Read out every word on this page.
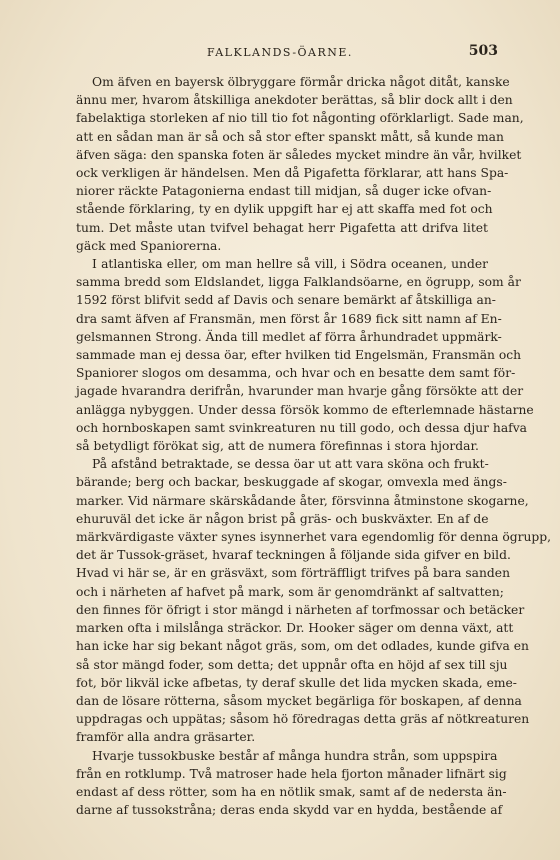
FALKLANDS-ÖARNE.	503
Om äfven en bayersk ölbryggare förmår dricka något ditåt, kanske
ännu mer, hvarom åtskilliga anekdoter berättas, så blir dock allt i den
fabelaktiga storleken af nio till tio fot någonting oförklarligt. Sade man,
att en sådan man är så och så stor efter spanskt mått, så kunde man
äfven säga: den spanska foten är således mycket mindre än vår, hvilket
ock verkligen är händelsen. Men då Pigafetta förklarar, att hans Spa-
niorer räckte Patagonierna endast till midjan, så duger icke ofvan-
stående förklaring, ty en dylik uppgift har ej att skaffa med fot och
tum. Det måste utan tvifvel behagat herr Pigafetta att drifva litet
gäck med Spaniorerna.
I atlantiska eller, om man hellre så vill, i Södra oceanen, under
samma bredd som Eldslandet, ligga Falklandsöarne, en ögrupp, som år
1592 först blifvit sedd af Davis och senare bemärkt af åtskilliga an-
dra samt äfven af Fransmän, men först år 1689 fick sitt namn af En-
gelsmannen Strong. Ända till medlet af förra århundradet uppmärk-
sammade man ej dessa öar, efter hvilken tid Engelsmän, Fransmän och
Spaniorer slogos om desamma, och hvar och en besatte dem samt för-
jagade hvarandra derifrån, hvarunder man hvarje gång försökte att der
anlägga nybyggen. Under dessa försök kommo de efterlemnade hästarne
och hornboskapen samt svinkreaturen nu till godo, och dessa djur hafva
så betydligt förökat sig, att de numera förefinnas i stora hjordar.
På afstånd betraktade, se dessa öar ut att vara sköna och frukt-
bärande; berg och backar, beskuggade af skogar, omvexla med ängs-
marker. Vid närmare skärskådande åter, försvinna åtminstone skogarne,
ehuruväl det icke är någon brist på gräs- och buskväxter. En af de
märkvärdigaste växter synes isynnerhet vara egendomlig för denna ögrupp,
det är Tussok-gräset, hvaraf teckningen å följande sida gifver en bild.
Hvad vi här se, är en gräsväxt, som förträffligt trifves på bara sanden
och i närheten af hafvet på mark, som är genomdränkt af saltvatten;
den finnes för öfrigt i stor mängd i närheten af torfmossar och betäcker
marken ofta i milslånga sträckor. Dr. Hooker säger om denna växt, att
han icke har sig bekant något gräs, som, om det odlades, kunde gifva en
så stor mängd foder, som detta; det uppnår ofta en höjd af sex till sju
fot, bör likväl icke afbetas, ty deraf skulle det lida mycken skada, eme-
dan de lösare rötterna, såsom mycket begärliga för boskapen, af denna
uppdragas och uppätas; såsom hö föredragas detta gräs af nötkreaturen
framför alla andra gräsarter.
Hvarje tussokbuske består af många hundra strån, som uppspira
från en rotklump. Två matroser hade hela fjorton månader lifnärt sig
endast af dess rötter, som ha en nötlik smak, samt af de nedersta än-
darne af tussokstråna; deras enda skydd var en hydda, bestående af
